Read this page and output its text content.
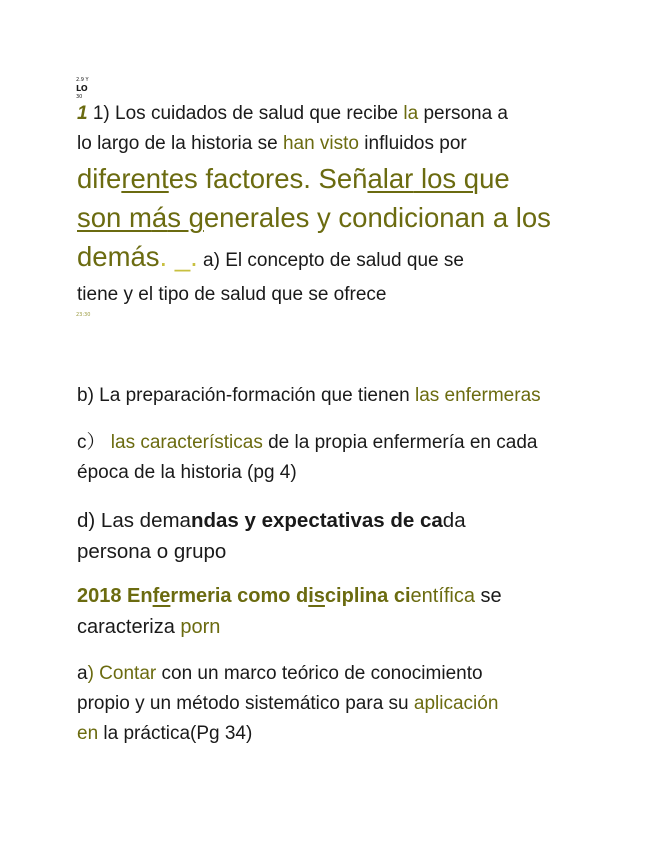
2.9 Y
LO
30
1 1) Los cuidados de salud que recibe la persona a
lo largo de la historia se han visto influidos por
diferentes factores. Señalar los que
son más generales y condicionan a los
demás. _. a) El concepto de salud que se
tiene y el tipo de salud que se ofrece
23:30
b) La preparación-formación que tienen las enfermeras
c） las características de la propia enfermería en cada
época de la historia (pg 4)
d) Las demandas y expectativas de cada
persona o grupo
2018 Enfermeria como disciplina científica se
caracteriza porn
a) Contar con un marco teórico de conocimiento
propio y un método sistemático para su aplicación
en la práctica(Pg 34)
